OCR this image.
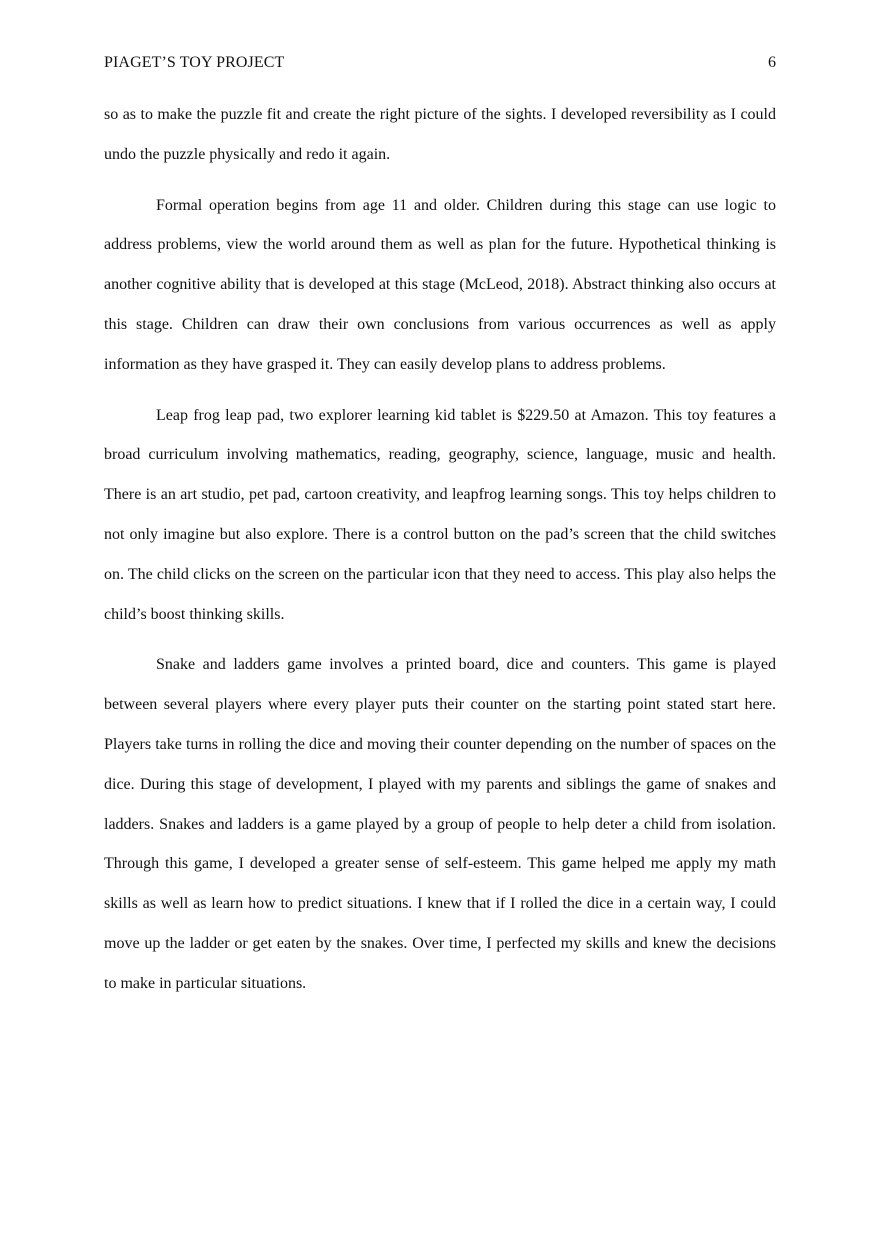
PIAGET’S TOY PROJECT	6

so as to make the puzzle fit and create the right picture of the sights. I developed reversibility as I could undo the puzzle physically and redo it again.

Formal operation begins from age 11 and older. Children during this stage can use logic to address problems, view the world around them as well as plan for the future. Hypothetical thinking is another cognitive ability that is developed at this stage (McLeod, 2018). Abstract thinking also occurs at this stage. Children can draw their own conclusions from various occurrences as well as apply information as they have grasped it. They can easily develop plans to address problems.

Leap frog leap pad, two explorer learning kid tablet is $229.50 at Amazon. This toy features a broad curriculum involving mathematics, reading, geography, science, language, music and health. There is an art studio, pet pad, cartoon creativity, and leapfrog learning songs. This toy helps children to not only imagine but also explore. There is a control button on the pad’s screen that the child switches on. The child clicks on the screen on the particular icon that they need to access. This play also helps the child’s boost thinking skills.

Snake and ladders game involves a printed board, dice and counters. This game is played between several players where every player puts their counter on the starting point stated start here. Players take turns in rolling the dice and moving their counter depending on the number of spaces on the dice. During this stage of development, I played with my parents and siblings the game of snakes and ladders. Snakes and ladders is a game played by a group of people to help deter a child from isolation. Through this game, I developed a greater sense of self-esteem. This game helped me apply my math skills as well as learn how to predict situations. I knew that if I rolled the dice in a certain way, I could move up the ladder or get eaten by the snakes. Over time, I perfected my skills and knew the decisions to make in particular situations.
